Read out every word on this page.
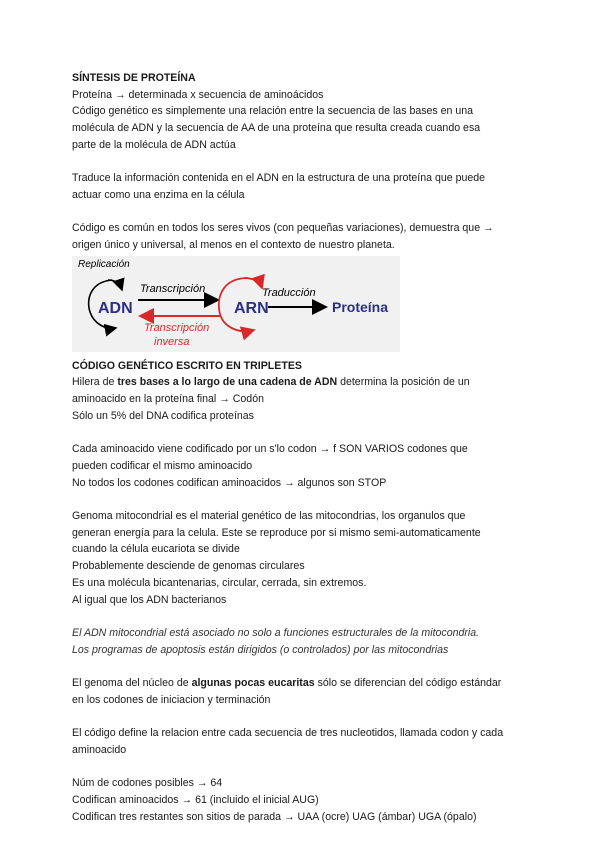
SÍNTESIS DE PROTEÍNA

Proteína → determinada x secuencia de aminoácidos

Código genético es simplemente una relación entre la secuencia de las bases en una

molécula de ADN y la secuencia de AA de una proteína que resulta creada cuando esa

parte de la molécula de ADN actúa

Traduce la información contenida en el ADN en la estructura de una proteína que puede

actuar como una enzima en la célula

Código es común en todos los seres vivos (con pequeñas variaciones), demuestra que →

origen único y universal, al menos en el contexto de nuestro planeta.

Replicación
ADN
Transcripción
Transcripción
inversa
ARN
Traducción
Proteína

CÓDIGO GENÉTICO ESCRITO EN TRIPLETES

Hilera de tres bases a lo largo de una cadena de ADN determina la posición de un

aminoacido en la proteína final → Codón

Sólo un 5% del DNA codifica proteínas

Cada aminoacido viene codificado por un s'lo codon → f SON VARIOS codones que

pueden codificar el mismo aminoacido

No todos los codones codifican aminoacidos → algunos son STOP

Genoma mitocondrial es el material genético de las mitocondrias, los organulos que

generan energía para la celula. Este se reproduce por si mismo semi-automaticamente

cuando la célula eucariota se divide

Probablemente desciende de genomas circulares

Es una molécula bicantenarias, circular, cerrada, sin extremos.

Al igual que los ADN bacterianos

El ADN mitocondrial está asociado no solo a funciones estructurales de la mitocondria.

Los programas de apoptosis están dirigidos (o controlados) por las mitocondrias

El genoma del núcleo de algunas pocas eucaritas sólo se diferencian del código estándar

en los codones de iniciacion y terminación

El código define la relacion entre cada secuencia de tres nucleotidos, llamada codon y cada

aminoacido

Núm de codones posibles → 64

Codifican aminoacidos → 61 (incluido el inicial AUG)

Codifican tres restantes son sitios de parada → UAA (ocre) UAG (ámbar) UGA (ópalo)
